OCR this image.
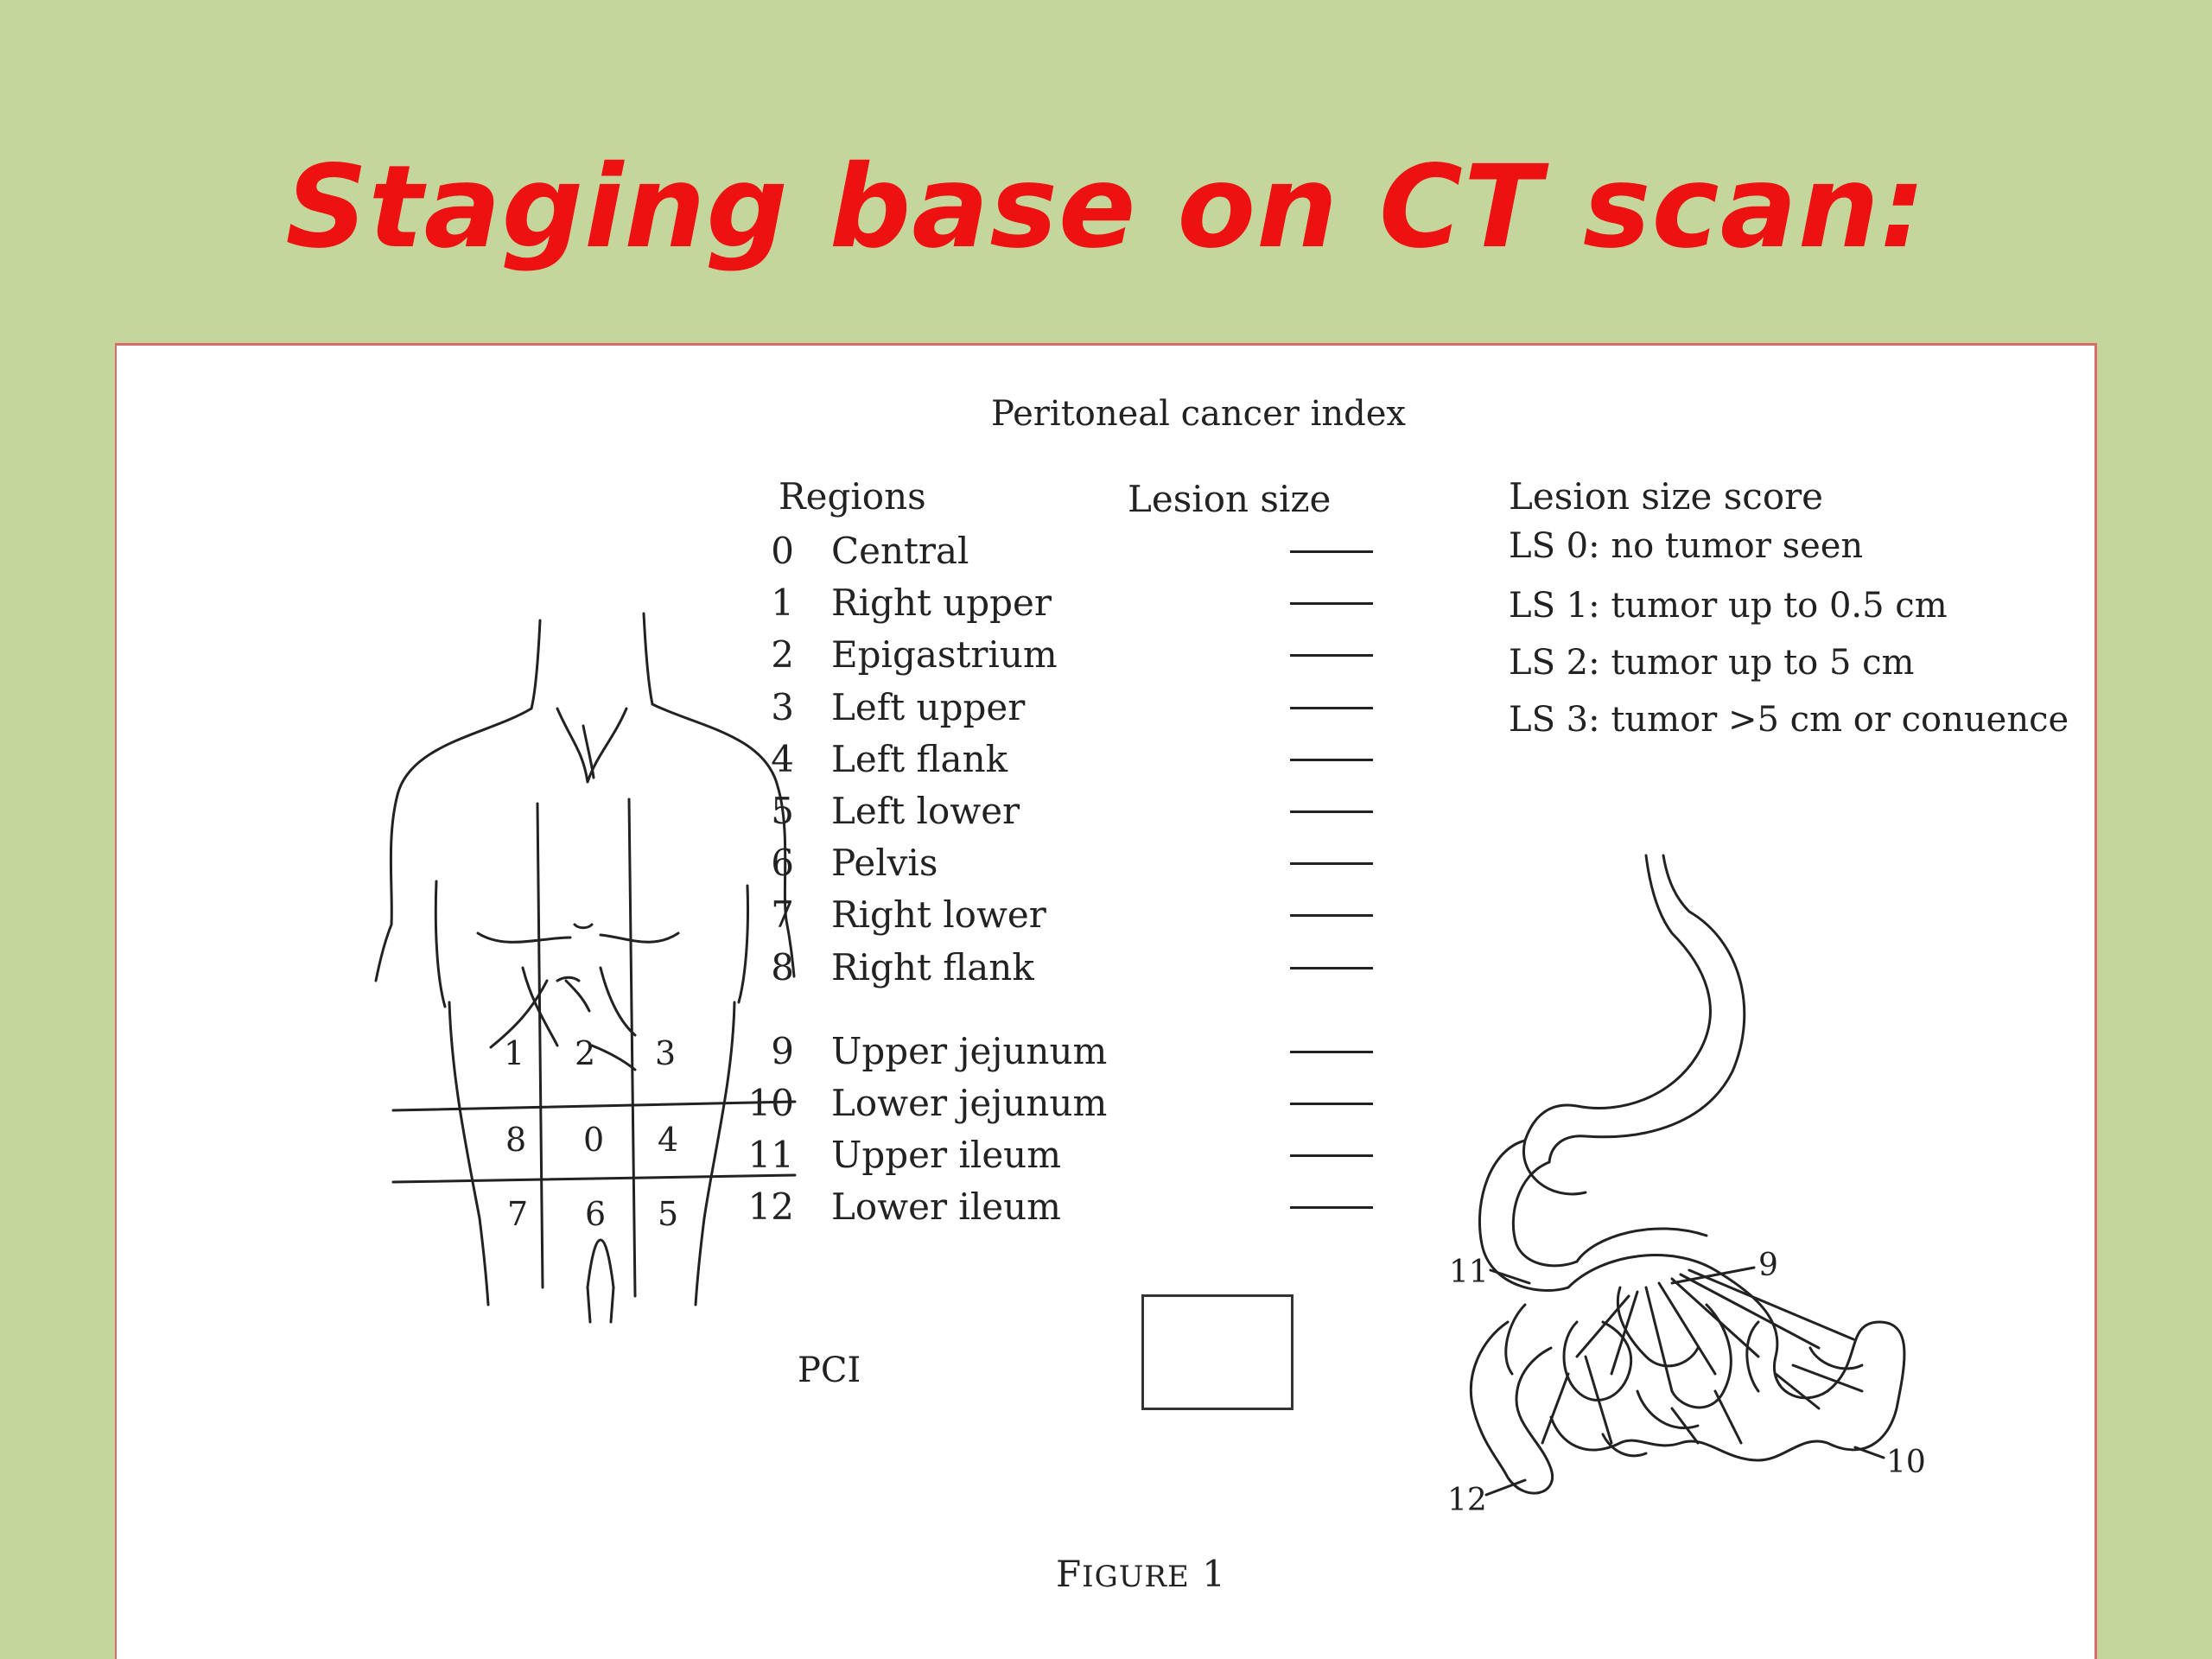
Staging base on CT scan:
Peritoneal cancer index
Regions	Lesion size	Lesion size score
0 Central
1 Right upper
2 Epigastrium
3 Left upper
4 Left flank
5 Left lower
6 Pelvis
7 Right lower
8 Right flank
9 Upper jejunum
10 Lower jejunum
11 Upper ileum
12 Lower ileum
LS 0: no tumor seen
LS 1: tumor up to 0.5 cm
LS 2: tumor up to 5 cm
LS 3: tumor >5 cm or conuence
PCI
FIGURE 1
1 2 3
8 0 4
7 6 5
11	9
10
12
